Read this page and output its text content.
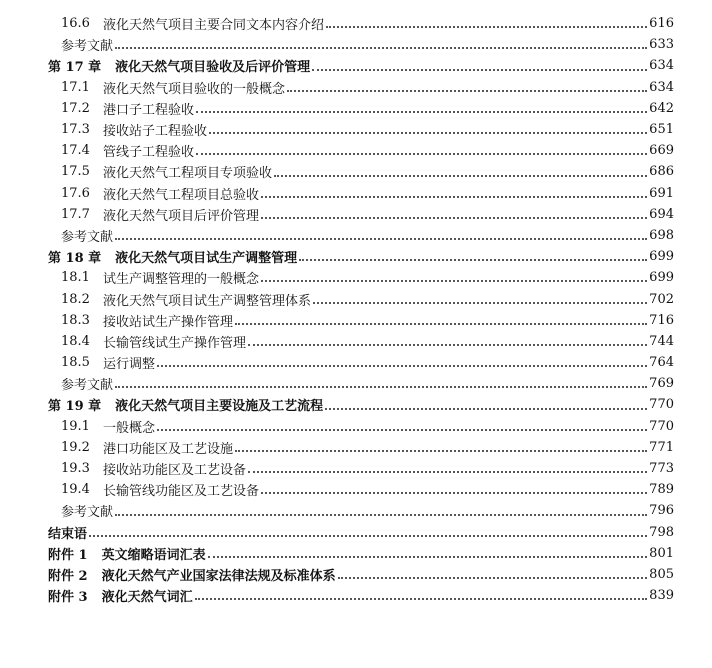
16.6	液化天然气项目主要合同文本内容介绍	616
参考文献	633
第 17 章 液化天然气项目验收及后评价管理	634
17.1	液化天然气项目验收的一般概念	634
17.2	港口子工程验收	642
17.3	接收站子工程验收	651
17.4	管线子工程验收	669
17.5	液化天然气工程项目专项验收	686
17.6	液化天然气工程项目总验收	691
17.7	液化天然气项目后评价管理	694
参考文献	698
第 18 章 液化天然气项目试生产调整管理	699
18.1	试生产调整管理的一般概念	699
18.2	液化天然气项目试生产调整管理体系	702
18.3	接收站试生产操作管理	716
18.4	长输管线试生产操作管理	744
18.5	运行调整	764
参考文献	769
第 19 章 液化天然气项目主要设施及工艺流程	770
19.1	一般概念	770
19.2	港口功能区及工艺设施	771
19.3	接收站功能区及工艺设备	773
19.4	长输管线功能区及工艺设备	789
参考文献	796
结束语	798
附件 1 英文缩略语词汇表	801
附件 2 液化天然气产业国家法律法规及标准体系	805
附件 3 液化天然气词汇	839
